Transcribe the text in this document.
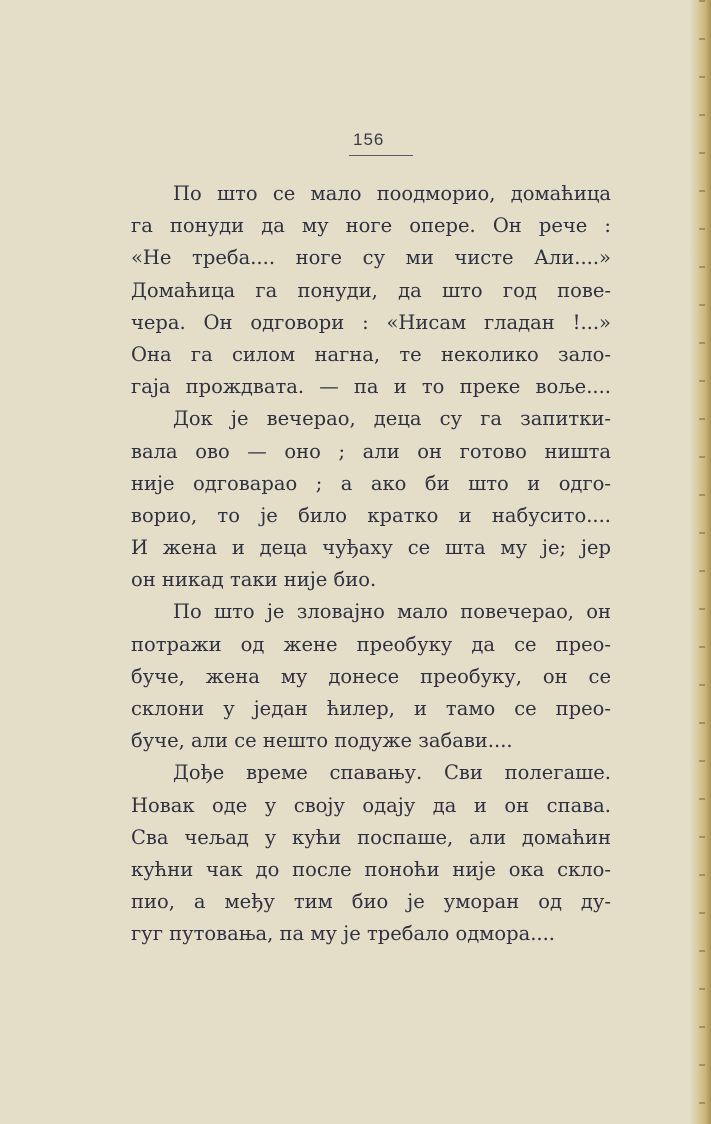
156
По што се мало поодморио, домаћица
га понуди да му ноге опере. Он рече :
«Не треба.... ноге су ми чисте Али....»
Домаћица га понуди, да што год пове-
чера. Он одговори : «Нисам гладан !...»
Она га силом нагна, те неколико зало-
гаја прождвата. — па и то преке воље....
Док је вечерао, деца су га запитки-
вала ово — оно ; али он готово ништа
није одговарао ; а ако би што и одго-
ворио, то је било кратко и набусито....
И жена и деца чуђаху се шта му је; јер
он никад таки није био.
По што је зловајно мало повечерао, он
потражи од жене преобуку да се прео-
буче, жена му донесе преобуку, он се
склони у један ћилер, и тамо се прео-
буче, али се нешто подуже забави....
Дође време спавању. Сви полегаше.
Новак оде у своју одају да и он спава.
Сва чељад у кући поспаше, али домаћин
кућни чак до после поноћи није ока скло-
пио, а међу тим био је уморан од ду-
гуг путовања, па му је требало одмора....
